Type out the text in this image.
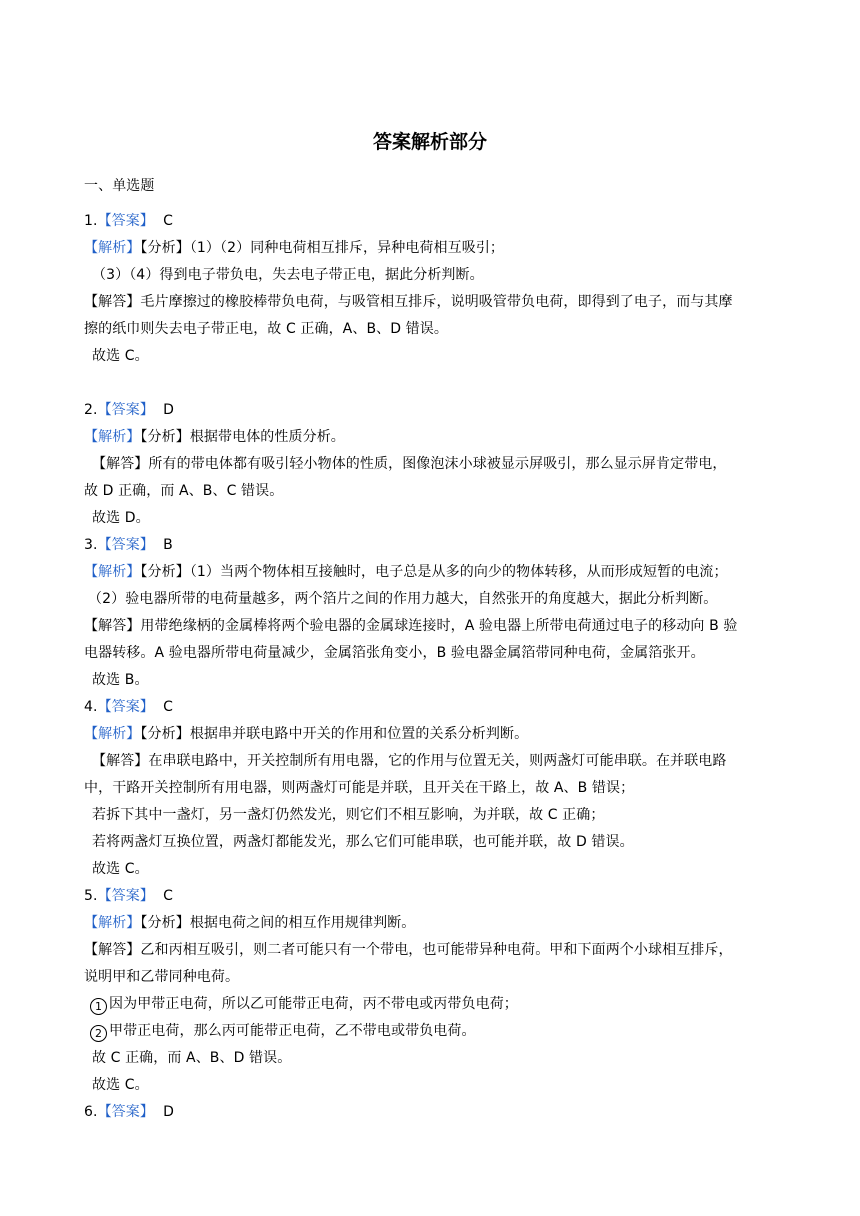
答案解析部分
一、单选题
1.【答案】 C
【解析】【分析】（1）（2）同种电荷相互排斥，异种电荷相互吸引；
（3）（4）得到电子带负电，失去电子带正电，据此分析判断。
【解答】毛片摩擦过的橡胶棒带负电荷，与吸管相互排斥，说明吸管带负电荷，即得到了电子，而与其摩
擦的纸巾则失去电子带正电，故 C 正确，A、B、D 错误。
故选 C。
2.【答案】 D
【解析】【分析】根据带电体的性质分析。
【解答】所有的带电体都有吸引轻小物体的性质，图像泡沫小球被显示屏吸引，那么显示屏肯定带电，
故 D 正确，而 A、B、C 错误。
故选 D。
3.【答案】 B
【解析】【分析】（1）当两个物体相互接触时，电子总是从多的向少的物体转移，从而形成短暂的电流；
（2）验电器所带的电荷量越多，两个箔片之间的作用力越大，自然张开的角度越大，据此分析判断。
【解答】用带绝缘柄的金属棒将两个验电器的金属球连接时，A 验电器上所带电荷通过电子的移动向 B 验
电器转移。A 验电器所带电荷量减少，金属箔张角变小，B 验电器金属箔带同种电荷，金属箔张开。
故选 B。
4.【答案】 C
【解析】【分析】根据串并联电路中开关的作用和位置的关系分析判断。
【解答】在串联电路中，开关控制所有用电器，它的作用与位置无关，则两盏灯可能串联。在并联电路
中，干路开关控制所有用电器，则两盏灯可能是并联，且开关在干路上，故 A、B 错误；
若拆下其中一盏灯，另一盏灯仍然发光，则它们不相互影响，为并联，故 C 正确；
若将两盏灯互换位置，两盏灯都能发光，那么它们可能串联，也可能并联，故 D 错误。
故选 C。
5.【答案】 C
【解析】【分析】根据电荷之间的相互作用规律判断。
【解答】乙和丙相互吸引，则二者可能只有一个带电，也可能带异种电荷。甲和下面两个小球相互排斥，
说明甲和乙带同种电荷。
1 因为甲带正电荷，所以乙可能带正电荷，丙不带电或丙带负电荷；
2 甲带正电荷，那么丙可能带正电荷，乙不带电或带负电荷。
故 C 正确，而 A、B、D 错误。
故选 C。
6.【答案】 D
